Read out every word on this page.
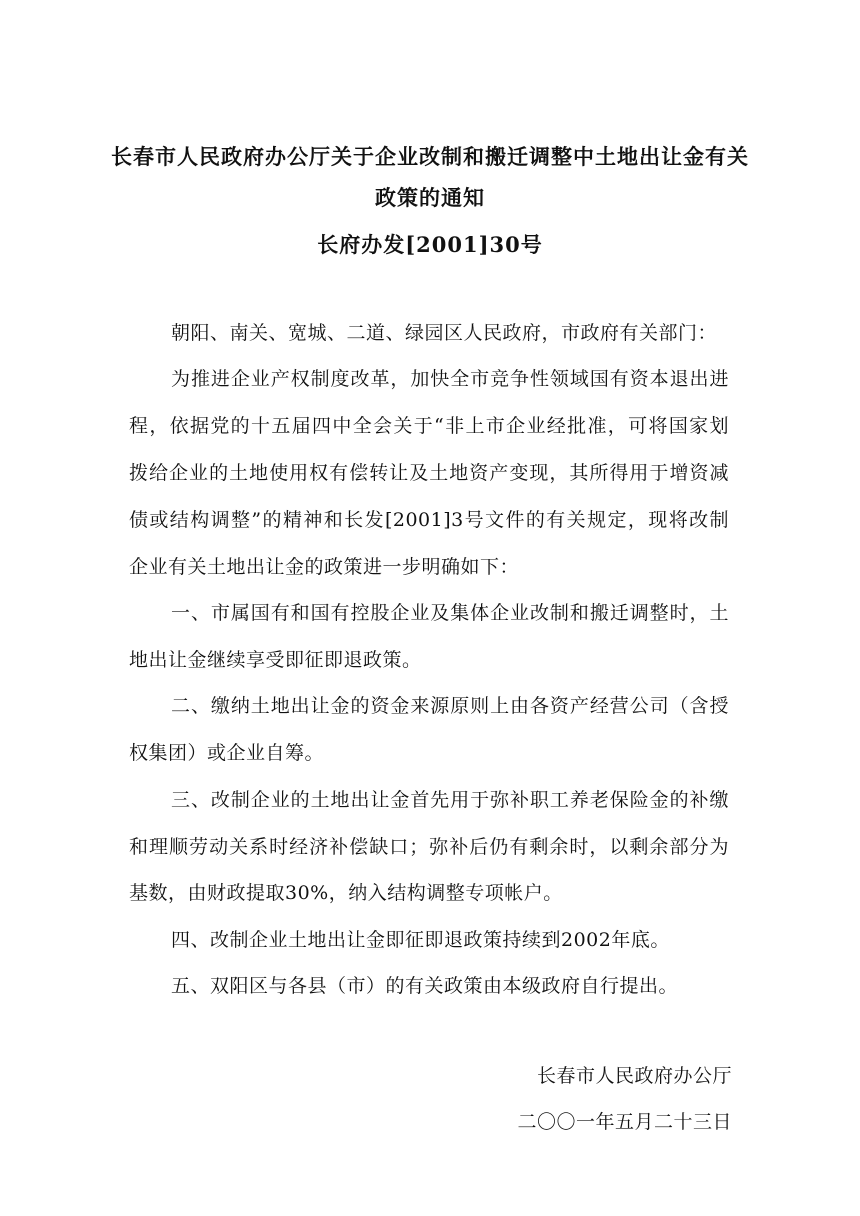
长春市人民政府办公厅关于企业改制和搬迁调整中土地出让金有关
政策的通知
长府办发[2001]30号
朝阳、南关、宽城、二道、绿园区人民政府，市政府有关部门：
为推进企业产权制度改革，加快全市竞争性领域国有资本退出进
程，依据党的十五届四中全会关于“非上市企业经批准，可将国家划
拨给企业的土地使用权有偿转让及土地资产变现，其所得用于增资减
债或结构调整”的精神和长发[2001]3号文件的有关规定，现将改制
企业有关土地出让金的政策进一步明确如下：
一、市属国有和国有控股企业及集体企业改制和搬迁调整时，土
地出让金继续享受即征即退政策。
二、缴纳土地出让金的资金来源原则上由各资产经营公司（含授
权集团）或企业自筹。
三、改制企业的土地出让金首先用于弥补职工养老保险金的补缴
和理顺劳动关系时经济补偿缺口；弥补后仍有剩余时，以剩余部分为
基数，由财政提取30%，纳入结构调整专项帐户。
四、改制企业土地出让金即征即退政策持续到2002年底。
五、双阳区与各县（市）的有关政策由本级政府自行提出。
长春市人民政府办公厅
二〇〇一年五月二十三日
